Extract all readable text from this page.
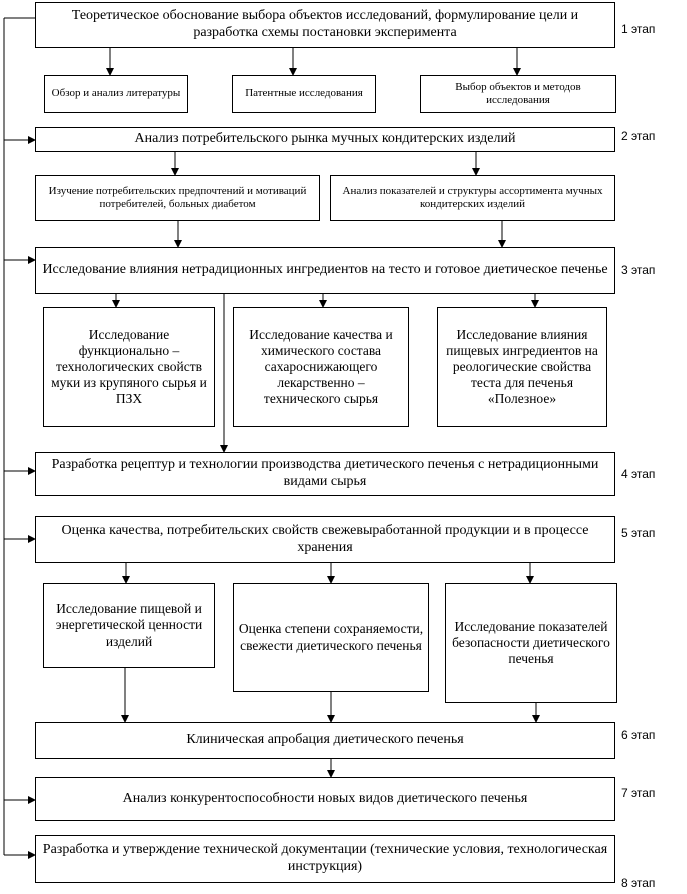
Теоретическое обоснование выбора объектов исследований, формулирование цели и разработка схемы постановки эксперимента
Обзор и анализ литературы	Патентные исследования
Выбор объектов и методов исследования
Анализ потребительского рынка мучных кондитерских изделий
Изучение потребительских предпочтений и мотиваций потребителей, больных диабетом
Анализ показателей и структуры ассортимента мучных кондитерских изделий
Исследование влияния нетрадиционных ингредиентов на тесто и готовое диетическое печенье
Исследование функционально – технологических свойств муки из крупяного сырья и ПЗХ
Исследование качества и химического состава сахароснижающего лекарственно – технического сырья
Исследование влияния пищевых ингредиентов на реологические свойства теста для печенья «Полезное»
Разработка рецептур и технологии производства диетического печенья с нетрадиционными видами сырья
Оценка качества, потребительских свойств свежевыработанной продукции и в процессе хранения
Исследование пищевой и энергетической ценности изделий
Оценка степени сохраняемости, свежести диетического печенья
Исследование показателей безопасности диетического печенья
Клиническая апробация диетического печенья
Анализ конкурентоспособности новых видов диетического печенья
Разработка и утверждение технической документации (технические условия, технологическая инструкция)
1 этап
2 этап
3 этап
4 этап
5 этап
6 этап
7 этап
8 этап
